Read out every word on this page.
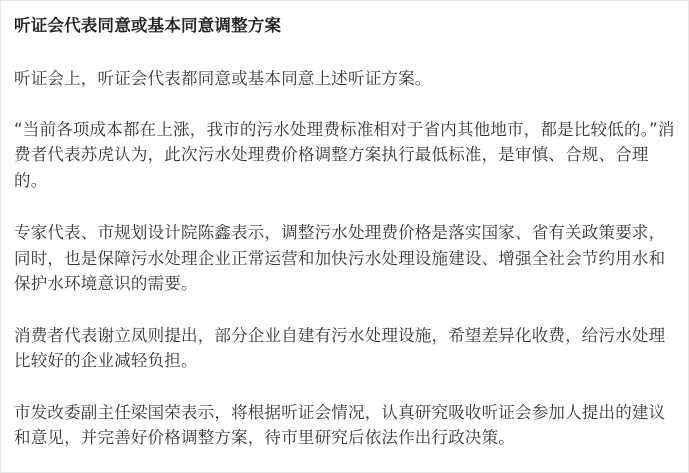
听证会代表同意或基本同意调整方案

听证会上，听证会代表都同意或基本同意上述听证方案。

“当前各项成本都在上涨，我市的污水处理费标准相对于省内其他地市，都是比较低的。”消费者代表苏虎认为，此次污水处理费价格调整方案执行最低标准，是审慎、合规、合理的。

专家代表、市规划设计院陈鑫表示，调整污水处理费价格是落实国家、省有关政策要求，同时，也是保障污水处理企业正常运营和加快污水处理设施建设、增强全社会节约用水和保护水环境意识的需要。

消费者代表谢立凤则提出，部分企业自建有污水处理设施，希望差异化收费，给污水处理比较好的企业减轻负担。

市发改委副主任梁国荣表示，将根据听证会情况，认真研究吸收听证会参加人提出的建议和意见，并完善好价格调整方案，待市里研究后依法作出行政决策。
